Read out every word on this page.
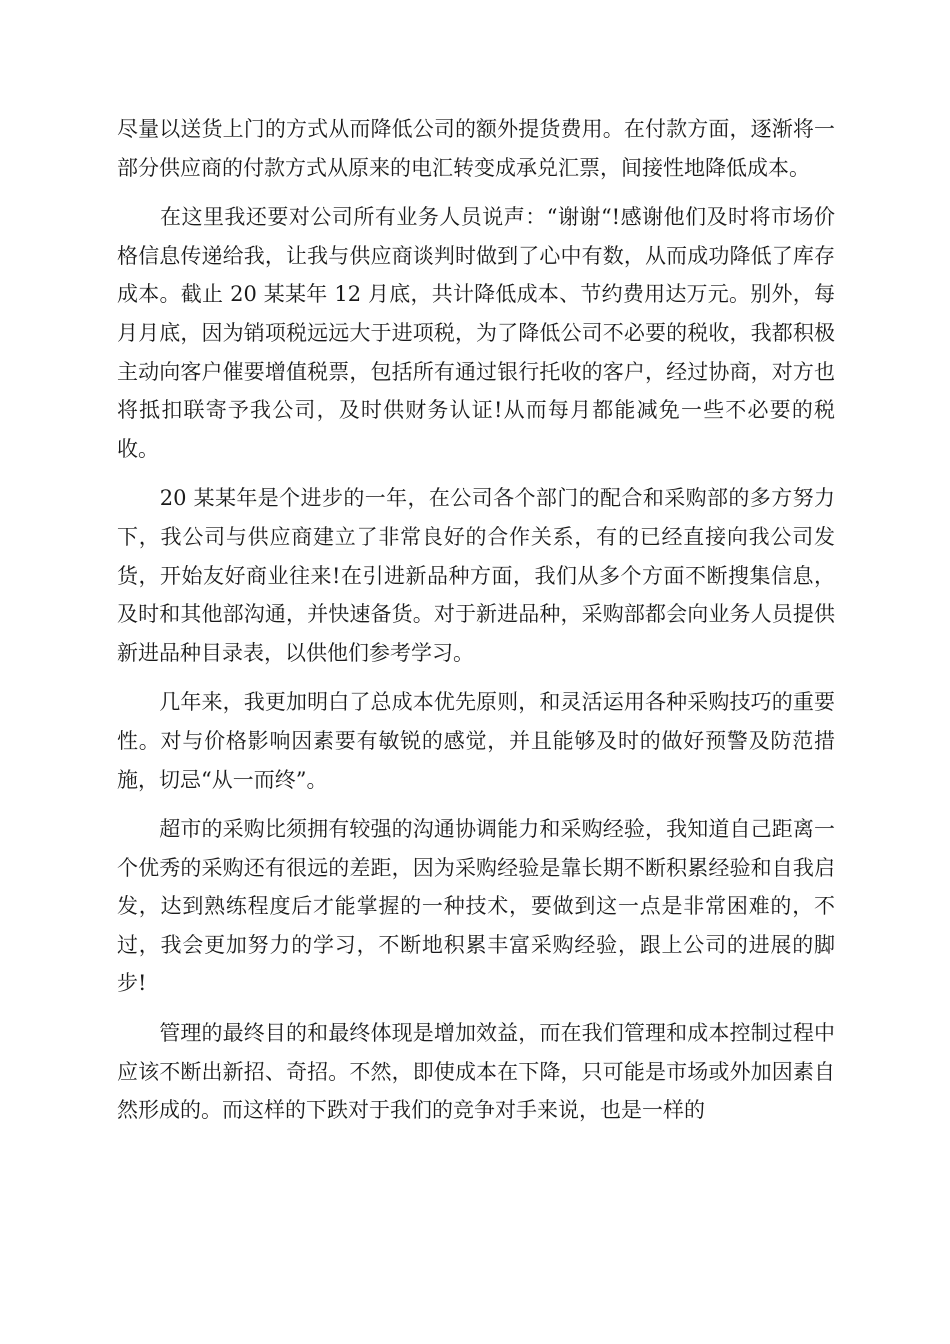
尽量以送货上门的方式从而降低公司的额外提货费用。在付款方面，逐渐将一部分供应商的付款方式从原来的电汇转变成承兑汇票，间接性地降低成本。

　　在这里我还要对公司所有业务人员说声：“谢谢“!感谢他们及时将市场价格信息传递给我，让我与供应商谈判时做到了心中有数，从而成功降低了库存成本。截止 20 某某年 12 月底，共计降低成本、节约费用达万元。别外，每月月底，因为销项税远远大于进项税，为了降低公司不必要的税收，我都积极主动向客户催要增值税票，包括所有通过银行托收的客户，经过协商，对方也将抵扣联寄予我公司，及时供财务认证!从而每月都能减免一些不必要的税收。

　　20 某某年是个进步的一年，在公司各个部门的配合和采购部的多方努力下，我公司与供应商建立了非常良好的合作关系，有的已经直接向我公司发货，开始友好商业往来!在引进新品种方面，我们从多个方面不断搜集信息，及时和其他部沟通，并快速备货。对于新进品种，采购部都会向业务人员提供新进品种目录表，以供他们参考学习。

　　几年来，我更加明白了总成本优先原则，和灵活运用各种采购技巧的重要性。对与价格影响因素要有敏锐的感觉，并且能够及时的做好预警及防范措施，切忌“从一而终”。

　　超市的采购比须拥有较强的沟通协调能力和采购经验，我知道自己距离一个优秀的采购还有很远的差距，因为采购经验是靠长期不断积累经验和自我启发，达到熟练程度后才能掌握的一种技术，要做到这一点是非常困难的，不过，我会更加努力的学习，不断地积累丰富采购经验，跟上公司的进展的脚步!

　　管理的最终目的和最终体现是增加效益，而在我们管理和成本控制过程中应该不断出新招、奇招。不然，即使成本在下降，只可能是市场或外加因素自然形成的。而这样的下跌对于我们的竞争对手来说，也是一样的
